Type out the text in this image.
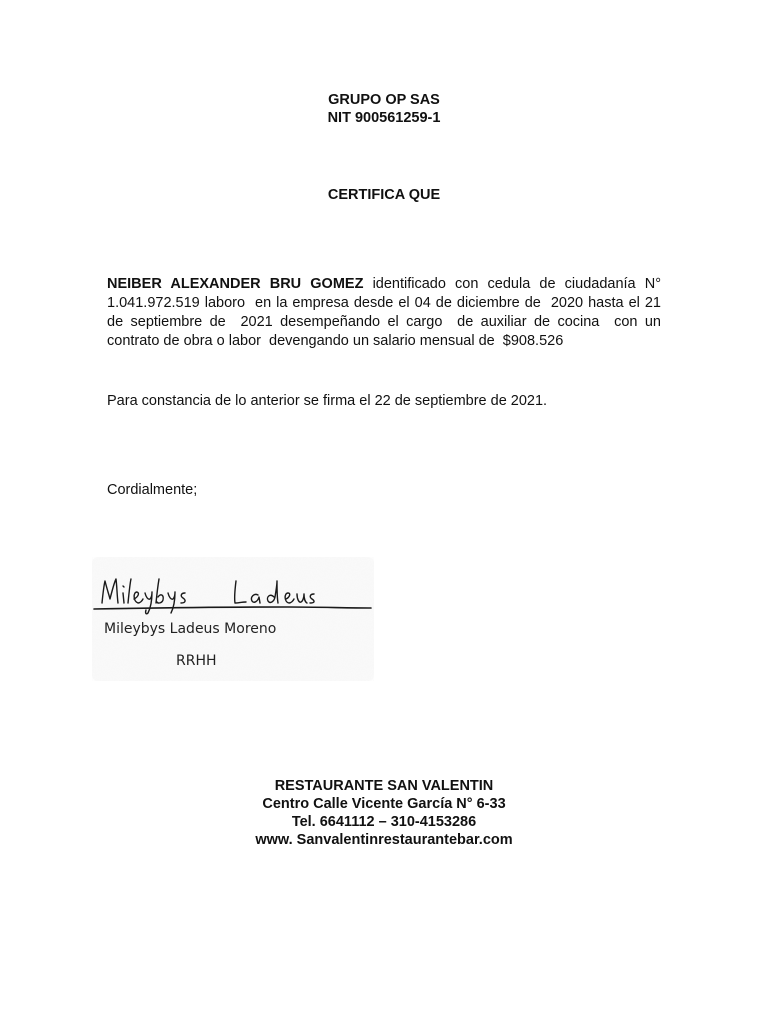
GRUPO OP SAS
NIT 900561259-1
CERTIFICA QUE
NEIBER ALEXANDER BRU GOMEZ identificado con cedula de ciudadanía N° 1.041.972.519 laboro  en la empresa desde el 04 de diciembre de  2020 hasta el 21 de septiembre de  2021 desempeñando el cargo  de auxiliar de cocina  con un contrato de obra o labor  devengando un salario mensual de  $908.526
Para constancia de lo anterior se firma el 22 de septiembre de 2021.
Cordialmente;
Mileybys Ladeus Moreno
RRHH
RESTAURANTE SAN VALENTIN
Centro Calle Vicente García N° 6-33
Tel. 6641112 – 310-4153286
www. Sanvalentinrestaurantebar.com
